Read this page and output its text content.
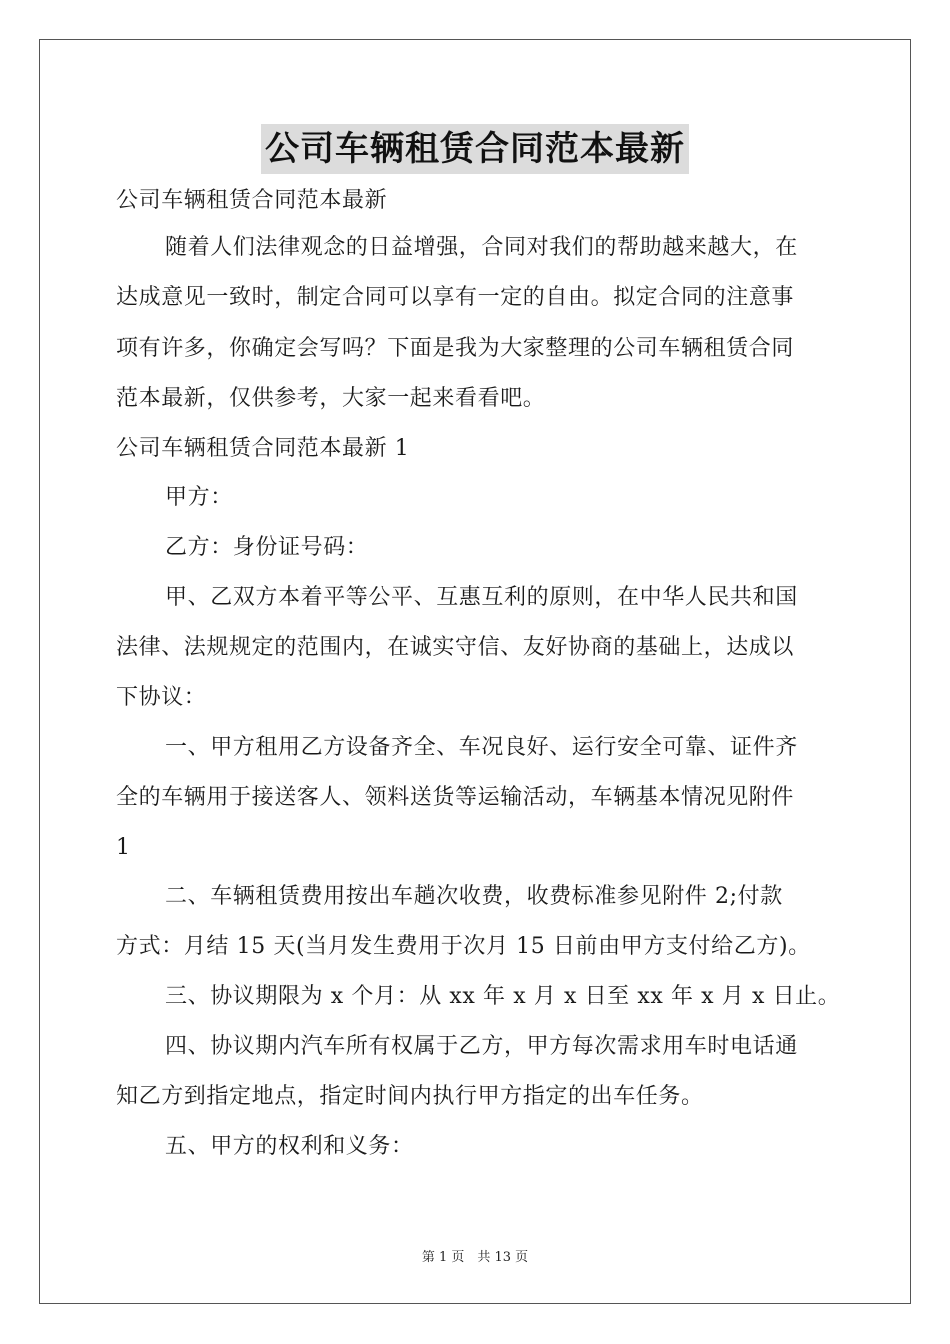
公司车辆租赁合同范本最新
公司车辆租赁合同范本最新
随着人们法律观念的日益增强，合同对我们的帮助越来越大，在
达成意见一致时，制定合同可以享有一定的自由。拟定合同的注意事
项有许多，你确定会写吗？下面是我为大家整理的公司车辆租赁合同
范本最新，仅供参考，大家一起来看看吧。
公司车辆租赁合同范本最新 1
甲方：
乙方：身份证号码：
甲、乙双方本着平等公平、互惠互利的原则，在中华人民共和国
法律、法规规定的范围内，在诚实守信、友好协商的基础上，达成以
下协议：
一、甲方租用乙方设备齐全、车况良好、运行安全可靠、证件齐
全的车辆用于接送客人、领料送货等运输活动，车辆基本情况见附件
1
二、车辆租赁费用按出车趟次收费，收费标准参见附件 2;付款
方式：月结 15 天(当月发生费用于次月 15 日前由甲方支付给乙方)。
三、协议期限为 x 个月：从 xx 年 x 月 x 日至 xx 年 x 月 x 日止。
四、协议期内汽车所有权属于乙方，甲方每次需求用车时电话通
知乙方到指定地点，指定时间内执行甲方指定的出车任务。
五、甲方的权利和义务：
第 1 页　共 13 页
